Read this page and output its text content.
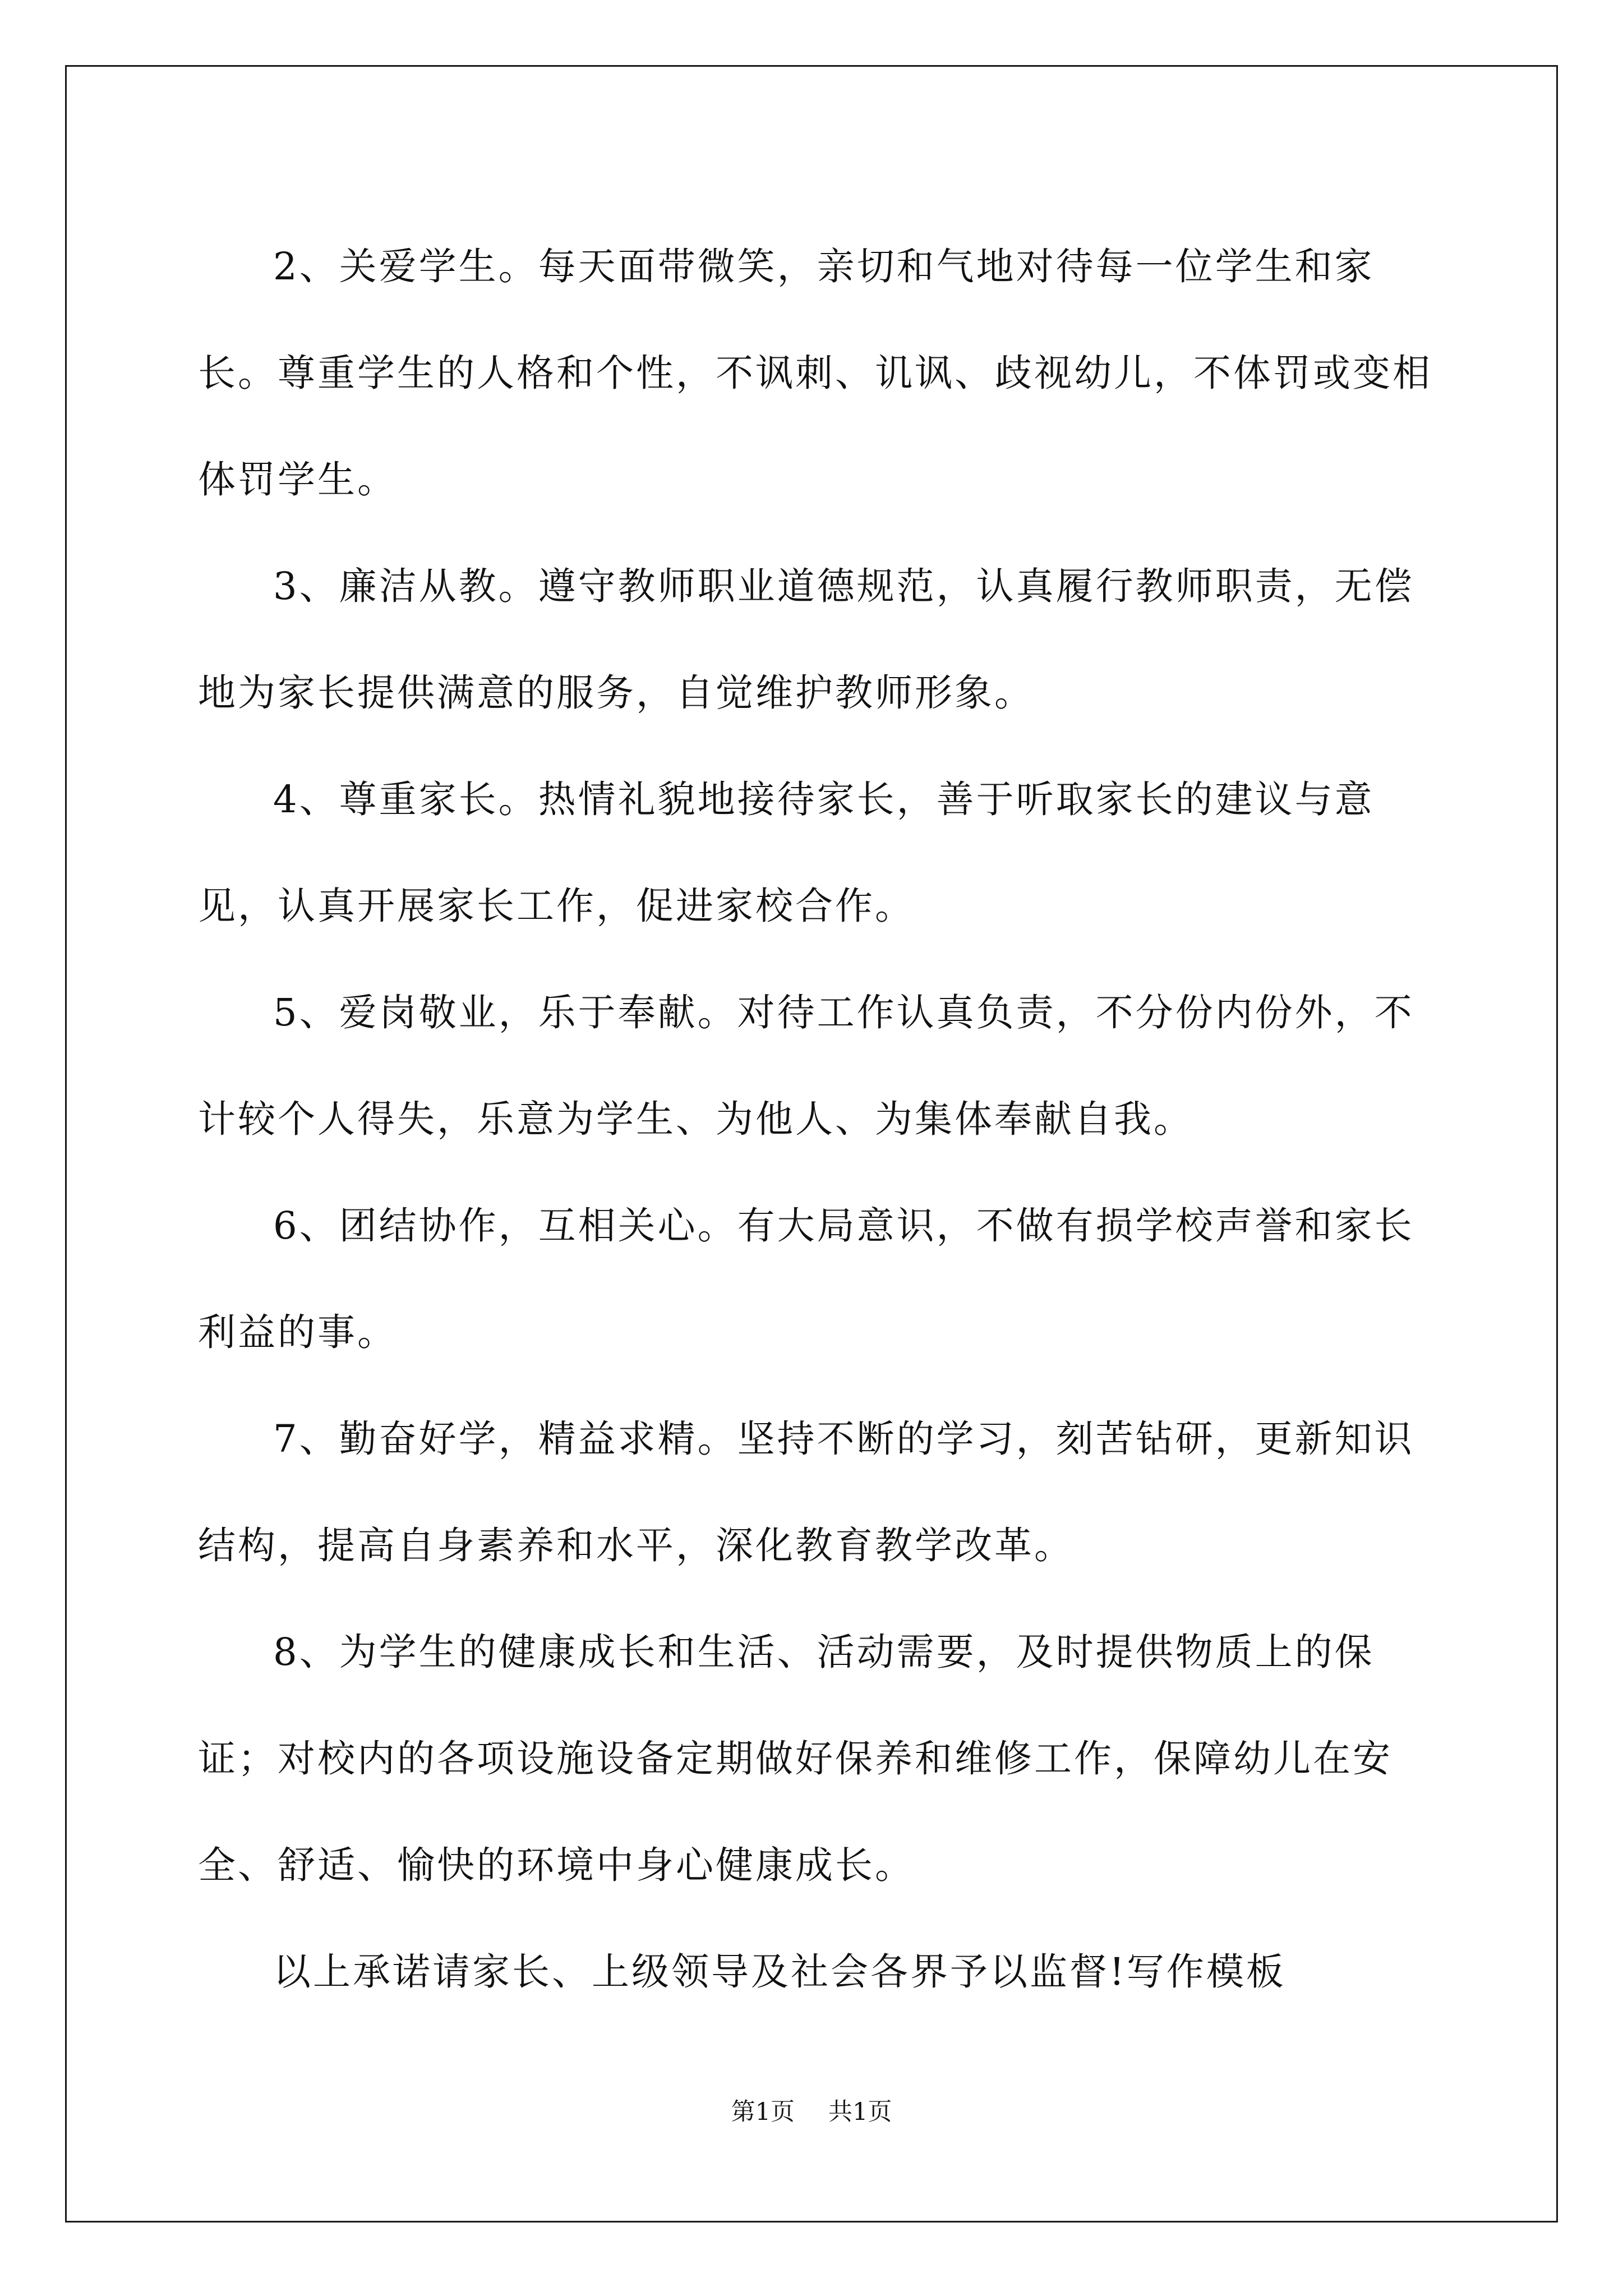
2、关爱学生。每天面带微笑，亲切和气地对待每一位学生和家长。尊重学生的人格和个性，不讽刺、讥讽、歧视幼儿，不体罚或变相体罚学生。

3、廉洁从教。遵守教师职业道德规范，认真履行教师职责，无偿地为家长提供满意的服务，自觉维护教师形象。

4、尊重家长。热情礼貌地接待家长，善于听取家长的建议与意见，认真开展家长工作，促进家校合作。

5、爱岗敬业，乐于奉献。对待工作认真负责，不分份内份外，不计较个人得失，乐意为学生、为他人、为集体奉献自我。

6、团结协作，互相关心。有大局意识，不做有损学校声誉和家长利益的事。

7、勤奋好学，精益求精。坚持不断的学习，刻苦钻研，更新知识结构，提高自身素养和水平，深化教育教学改革。

8、为学生的健康成长和生活、活动需要，及时提供物质上的保证；对校内的各项设施设备定期做好保养和维修工作，保障幼儿在安全、舒适、愉快的环境中身心健康成长。

以上承诺请家长、上级领导及社会各界予以监督!写作模板

第1页 共1页
